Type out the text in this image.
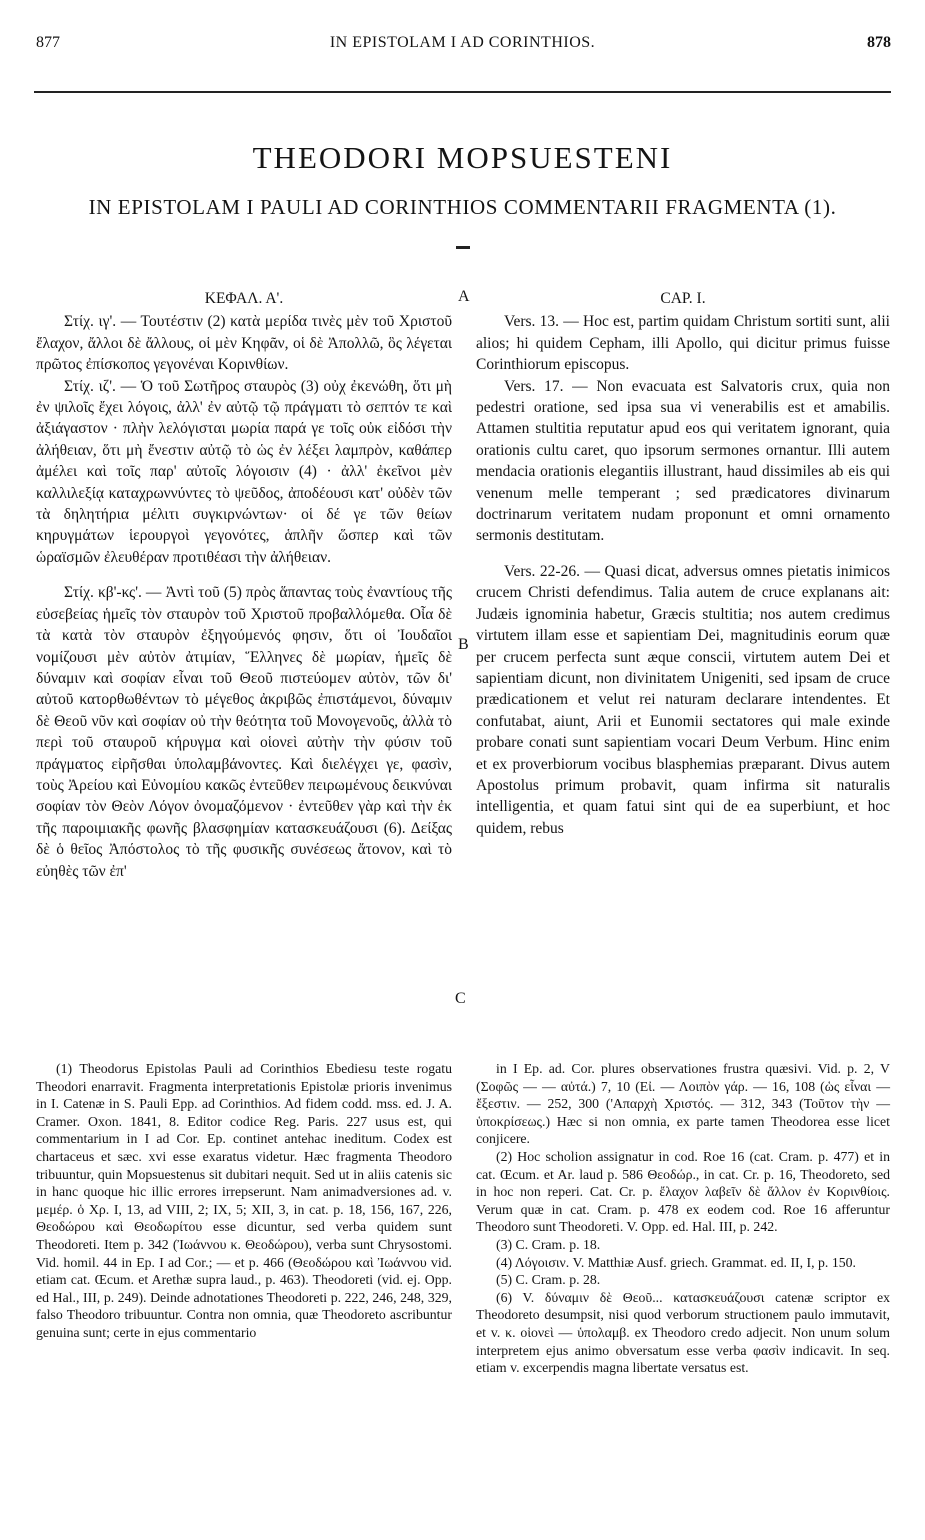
877	IN EPISTOLAM I AD CORINTHIOS.	878
THEODORI MOPSUESTENI
IN EPISTOLAM I PAULI AD CORINTHIOS COMMENTARII FRAGMENTA (1).

ΚΕΦΑΛ. Α'.

Στίχ. ιγ'. — Τουτέστιν (2) κατὰ μερίδα τινὲς μὲν τοῦ Χριστοῦ ἔλαχον, ἄλλοι δὲ ἄλλους, οἱ μὲν Κηφᾶν, οἱ δὲ Ἀπολλῶ, ὃς λέγεται πρῶτος ἐπίσκοπος γεγονέναι Κορινθίων.

Στίχ. ιζ'. — Ὁ τοῦ Σωτῆρος σταυρὸς (3) οὐχ ἐκενώθη, ὅτι μὴ ἐν ψιλοῖς ἔχει λόγοις, ἀλλ' ἐν αὐτῷ τῷ πράγματι τὸ σεπτόν τε καὶ ἀξιάγαστον · πλὴν λελόγισται μωρία παρά γε τοῖς οὐκ εἰδόσι τὴν ἀλήθειαν, ὅτι μὴ ἔνεστιν αὐτῷ τὸ ὡς ἐν λέξει λαμπρὸν, καθάπερ ἀμέλει καὶ τοῖς παρ' αὐτοῖς λόγοισιν (4) · ἀλλ' ἐκεῖνοι μὲν καλλιλεξίᾳ καταχρωννύντες τὸ ψεῦδος, ἀποδέουσι κατ' οὐδὲν τῶν τὰ δηλητήρια μέλιτι συγκιρνώντων· οἱ δέ γε τῶν θείων κηρυγμάτων ἱερουργοὶ γεγονότες, ἁπλῆν ὥσπερ καὶ τῶν ὡραϊσμῶν ἐλευθέραν προτιθέασι τὴν ἀλήθειαν.

Στίχ. κβ'-κς'. — Ἀντὶ τοῦ (5) πρὸς ἅπαντας τοὺς ἐναντίους τῆς εὐσεβείας ἡμεῖς τὸν σταυρὸν τοῦ Χριστοῦ προβαλλόμεθα. Οἷα δὲ τὰ κατὰ τὸν σταυρὸν ἐξηγούμενός φησιν, ὅτι οἱ Ἰουδαῖοι νομίζουσι μὲν αὐτὸν ἀτιμίαν, Ἕλληνες δὲ μωρίαν, ἡμεῖς δὲ δύναμιν καὶ σοφίαν εἶναι τοῦ Θεοῦ πιστεύομεν αὐτὸν, τῶν δι' αὐτοῦ κατορθωθέντων τὸ μέγεθος ἀκριβῶς ἐπιστάμενοι, δύναμιν δὲ Θεοῦ νῦν καὶ σοφίαν οὐ τὴν θεότητα τοῦ Μονογενοῦς, ἀλλὰ τὸ περὶ τοῦ σταυροῦ κήρυγμα καὶ οἱονεὶ αὐτὴν τὴν φύσιν τοῦ πράγματος εἰρῆσθαι ὑπολαμβάνοντες. Καὶ διελέγχει γε, φασὶν, τοὺς Ἀρείου καὶ Εὐνομίου κακῶς ἐντεῦθεν πειρωμένους δεικνύναι σοφίαν τὸν Θεὸν Λόγον ὀνομαζόμενον · ἐντεῦθεν γὰρ καὶ τὴν ἐκ τῆς παροιμιακῆς φωνῆς βλασφημίαν κατασκευάζουσι (6). Δείξας δὲ ὁ θεῖος Ἀπόστολος τὸ τῆς φυσικῆς συνέσεως ἄτονον, καὶ τὸ εὐηθὲς τῶν ἐπ'

A
B
C

CAP. I.

Vers. 13. — Hoc est, partim quidam Christum sortiti sunt, alii alios; hi quidem Cepham, illi Apollo, qui dicitur primus fuisse Corinthiorum episcopus.

Vers. 17. — Non evacuata est Salvatoris crux, quia non pedestri oratione, sed ipsa sua vi venerabilis est et amabilis. Attamen stultitia reputatur apud eos qui veritatem ignorant, quia orationis cultu caret, quo ipsorum sermones ornantur. Illi autem mendacia orationis elegantiis illustrant, haud dissimiles ab eis qui venenum melle temperant ; sed prædicatores divinarum doctrinarum veritatem nudam proponunt et omni ornamento sermonis destitutam.

Vers. 22-26. — Quasi dicat, adversus omnes pietatis inimicos crucem Christi defendimus. Talia autem de cruce explanans ait: Judæis ignominia habetur, Græcis stultitia; nos autem credimus virtutem illam esse et sapientiam Dei, magnitudinis eorum quæ per crucem perfecta sunt æque conscii, virtutem autem Dei et sapientiam dicunt, non divinitatem Unigeniti, sed ipsam de cruce prædicationem et velut rei naturam declarare intendentes. Et confutabat, aiunt, Arii et Eunomii sectatores qui male exinde probare conati sunt sapientiam vocari Deum Verbum. Hinc enim et ex proverbiorum vocibus blasphemias præparant. Divus autem Apostolus primum probavit, quam infirma sit naturalis intelligentia, et quam fatui sint qui de ea superbiunt, et hoc quidem, rebus

(1) Theodorus Epistolas Pauli ad Corinthios Ebediesu teste rogatu Theodori enarravit. Fragmenta interpretationis Epistolæ prioris invenimus in I. Catenæ in S. Pauli Epp. ad Corinthios. Ad fidem codd. mss. ed. J. A. Cramer. Oxon. 1841, 8. Editor codice Reg. Paris. 227 usus est, qui commentarium in I ad Cor. Ep. continet antehac ineditum. Codex est chartaceus et sæc. xvi esse exaratus videtur. Hæc fragmenta Theodoro tribuuntur, quin Mopsuestenus sit dubitari nequit. Sed ut in aliis catenis sic in hanc quoque hic illic errores irrepserunt. Nam animadversiones ad. v. μεμέρ. ὁ Χρ. I, 13, ad VIII, 2; IX, 5; XII, 3, in cat. p. 18, 156, 167, 226, Θεοδώρου καὶ Θεοδωρίτου esse dicuntur, sed verba quidem sunt Theodoreti. Item p. 342 (Ἰωάννου κ. Θεοδώρου), verba sunt Chrysostomi. Vid. homil. 44 in Ep. I ad Cor.; — et p. 466 (Θεοδώρου καὶ Ἰωάννου vid. etiam cat. Œcum. et Arethæ supra laud., p. 463). Theodoreti (vid. ej. Opp. ed Hal., III, p. 249). Deinde adnotationes Theodoreti p. 222, 246, 248, 329, falso Theodoro tribuuntur. Contra non omnia, quæ Theodoreto ascribuntur genuina sunt; certe in ejus commentario

in I Ep. ad. Cor. plures observationes frustra quæsivi. Vid. p. 2, V (Σοφῶς — — αὐτά.) 7, 10 (Εἰ. — Λοιπὸν γάρ. — 16, 108 (ὡς εἶναι — ἔξεστιν. — 252, 300 ('Απαρχὴ Χριστός. — 312, 343 (Τοῦτον τὴν — ὑποκρίσεως.) Hæc si non omnia, ex parte tamen Theodorea esse licet conjicere.

(2) Hoc scholion assignatur in cod. Roe 16 (cat. Cram. p. 477) et in cat. Œcum. et Ar. laud p. 586 Θεοδώρ., in cat. Cr. p. 16, Theodoreto, sed in hoc non reperi. Cat. Cr. p. ἔλαχον λαβεῖν δὲ ἄλλον ἐν Κορινθίοις. Verum quæ in cat. Cram. p. 478 ex eodem cod. Roe 16 afferuntur Theodoro sunt Theodoreti. V. Opp. ed. Hal. III, p. 242.

(3) C. Cram. p. 18.

(4) Λόγοισιν. V. Matthiæ Ausf. griech. Grammat. ed. II, I, p. 150.

(5) C. Cram. p. 28.

(6) V. δύναμιν δὲ Θεοῦ... κατασκευάζουσι catenæ scriptor ex Theodoreto desumpsit, nisi quod verborum structionem paulo immutavit, et v. κ. οἱονεὶ — ὑπολαμβ. ex Theodoro credo adjecit. Non unum solum interpretem ejus animo obversatum esse verba φασὶν indicavit. In seq. etiam v. excerpendis magna libertate versatus est.
